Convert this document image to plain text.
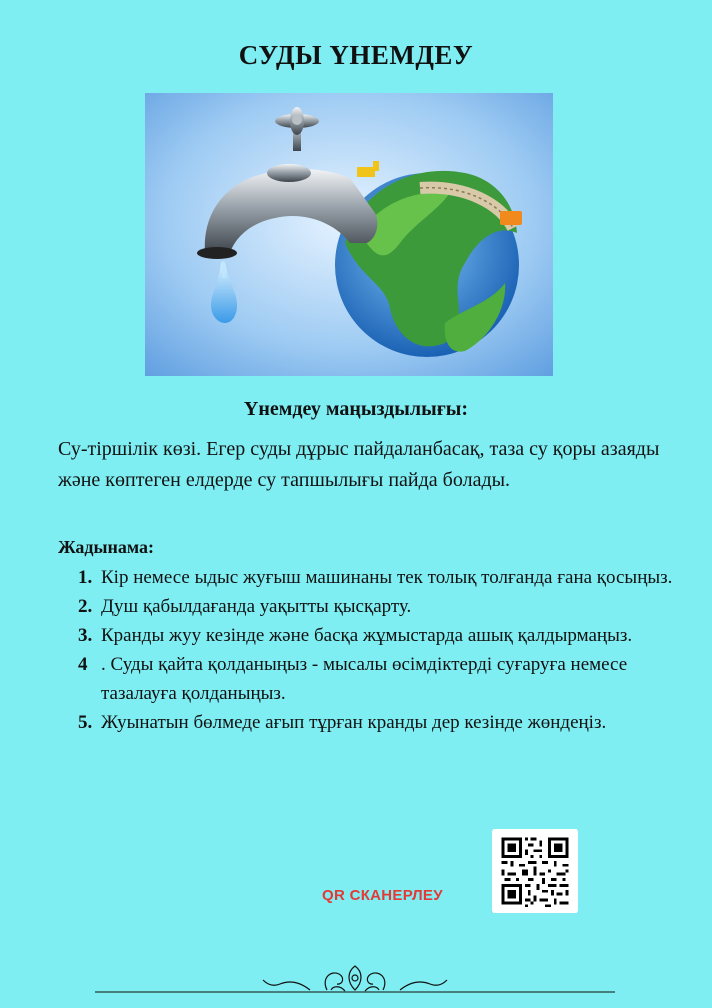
СУДЫ ҮНЕМДЕУ
Үнемдеу маңыздылығы:
Су-тіршілік көзі. Егер суды дұрыс пайдаланбасақ, таза су қоры азаяды және көптеген елдерде су тапшылығы пайда болады.
Жадынама:
1. Кір немесе ыдыс жуғыш машинаны тек толық толғанда ғана қосыңыз.
2. Душ қабылдағанда уақытты қысқарту.
3. Кранды жуу кезінде және басқа жұмыстарда ашық қалдырмаңыз.
4 . Суды қайта қолданыңыз - мысалы өсімдіктерді суғаруға немесе тазалауға қолданыңыз.
5. Жуынатын бөлмеде ағып тұрған кранды дер кезінде жөндеңіз.
QR СКАНЕРЛЕУ
